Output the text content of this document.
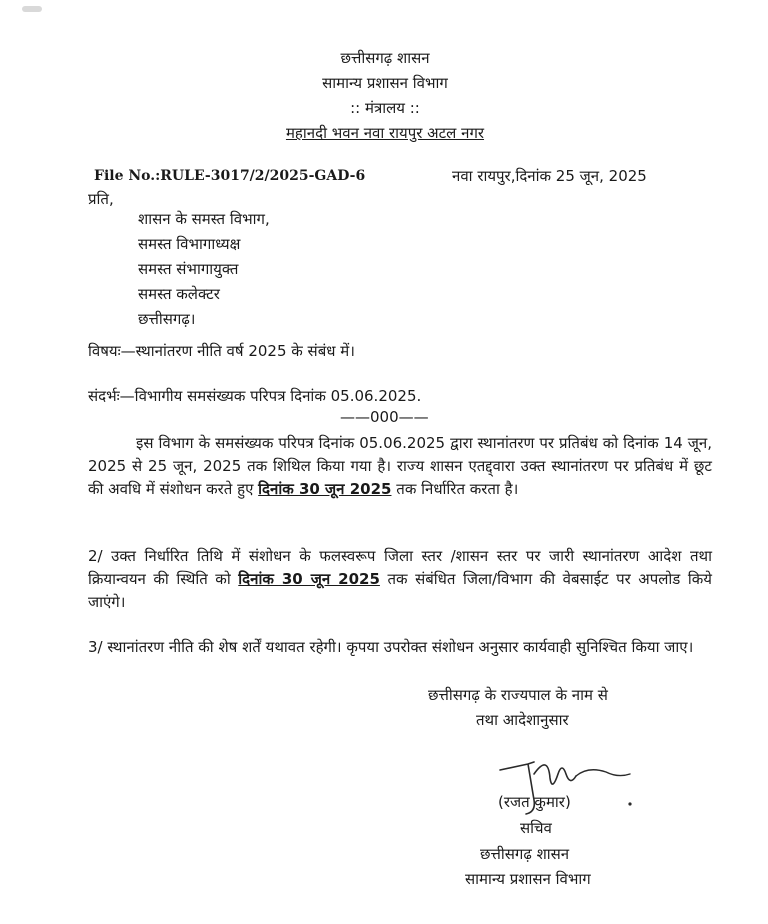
छत्तीसगढ़ शासन
सामान्य प्रशासन विभाग
:: मंत्रालय ::
महानदी भवन नवा रायपुर अटल नगर
File No.:RULE-3017/2/2025-GAD-6	नवा रायपुर,दिनांक 25 जून, 2025
प्रति,
शासन के समस्त विभाग,
समस्त विभागाध्यक्ष
समस्त संभागायुक्त
समस्त कलेक्टर
छत्तीसगढ़।
विषयः—स्थानांतरण नीति वर्ष 2025 के संबंध में।
संदर्भः—विभागीय समसंख्यक परिपत्र दिनांक 05.06.2025.
——000——
इस विभाग के समसंख्यक परिपत्र दिनांक 05.06.2025 द्वारा स्थानांतरण पर प्रतिबंध को दिनांक 14 जून, 2025 से 25 जून, 2025 तक शिथिल किया गया है। राज्य शासन एतद्द्वारा उक्त स्थानांतरण पर प्रतिबंध में छूट की अवधि में संशोधन करते हुए दिनांक 30 जून 2025 तक निर्धारित करता है।
2/ उक्त निर्धारित तिथि में संशोधन के फलस्वरूप जिला स्तर /शासन स्तर पर जारी स्थानांतरण आदेश तथा क्रियान्वयन की स्थिति को दिनांक 30 जून 2025 तक संबंधित जिला/विभाग की वेबसाईट पर अपलोड किये जाएंगे।
3/ स्थानांतरण नीति की शेष शर्तें यथावत रहेगी। कृपया उपरोक्त संशोधन अनुसार कार्यवाही सुनिश्चित किया जाए।
छत्तीसगढ़ के राज्यपाल के नाम से
तथा आदेशानुसार
(रजत कुमार)
सचिव
छत्तीसगढ़ शासन
सामान्य प्रशासन विभाग
